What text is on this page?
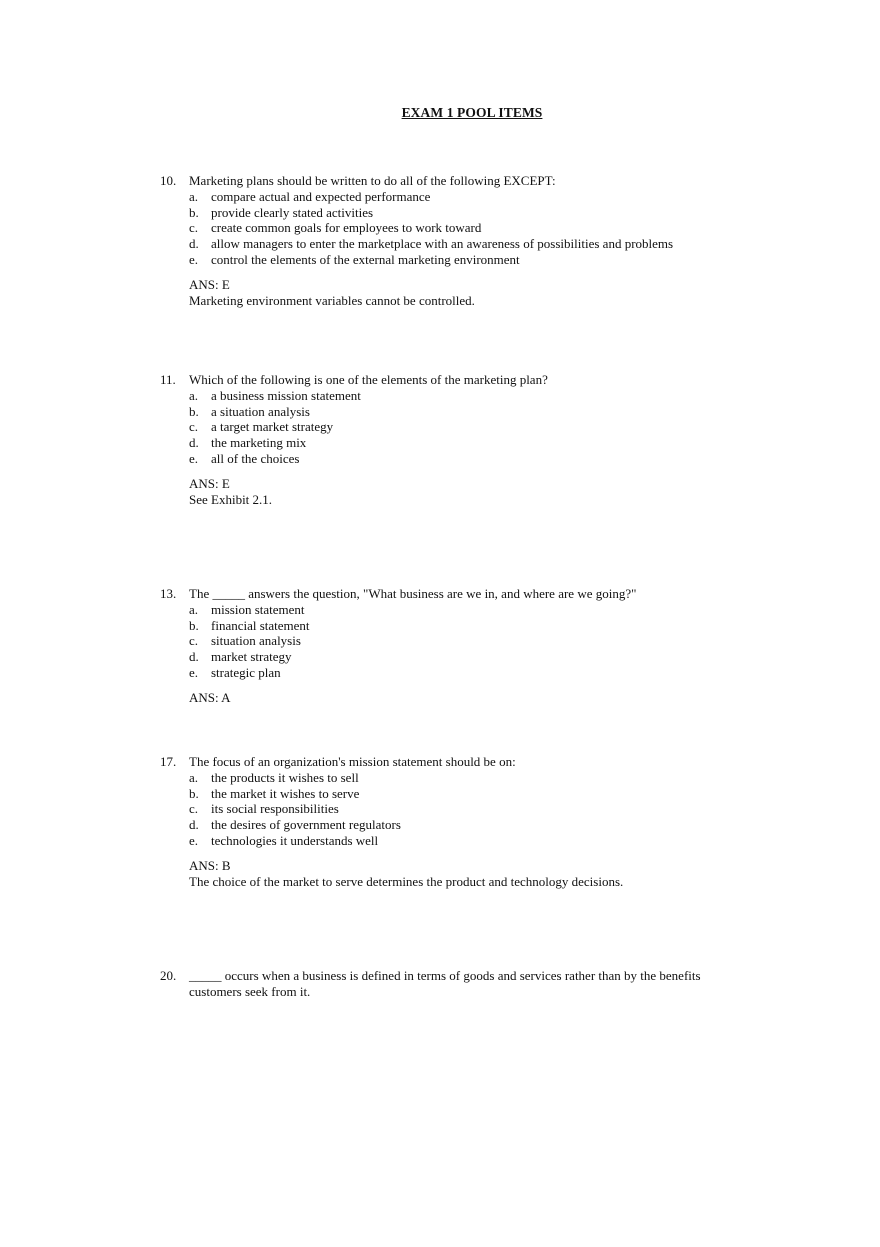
EXAM 1 POOL ITEMS
10. Marketing plans should be written to do all of the following EXCEPT:
a. compare actual and expected performance
b. provide clearly stated activities
c. create common goals for employees to work toward
d. allow managers to enter the marketplace with an awareness of possibilities and problems
e. control the elements of the external marketing environment
ANS: E
Marketing environment variables cannot be controlled.
11. Which of the following is one of the elements of the marketing plan?
a. a business mission statement
b. a situation analysis
c. a target market strategy
d. the marketing mix
e. all of the choices
ANS: E
See Exhibit 2.1.
13. The _____ answers the question, "What business are we in, and where are we going?"
a. mission statement
b. financial statement
c. situation analysis
d. market strategy
e. strategic plan
ANS: A
17. The focus of an organization's mission statement should be on:
a. the products it wishes to sell
b. the market it wishes to serve
c. its social responsibilities
d. the desires of government regulators
e. technologies it understands well
ANS: B
The choice of the market to serve determines the product and technology decisions.
20. _____ occurs when a business is defined in terms of goods and services rather than by the benefits customers seek from it.
